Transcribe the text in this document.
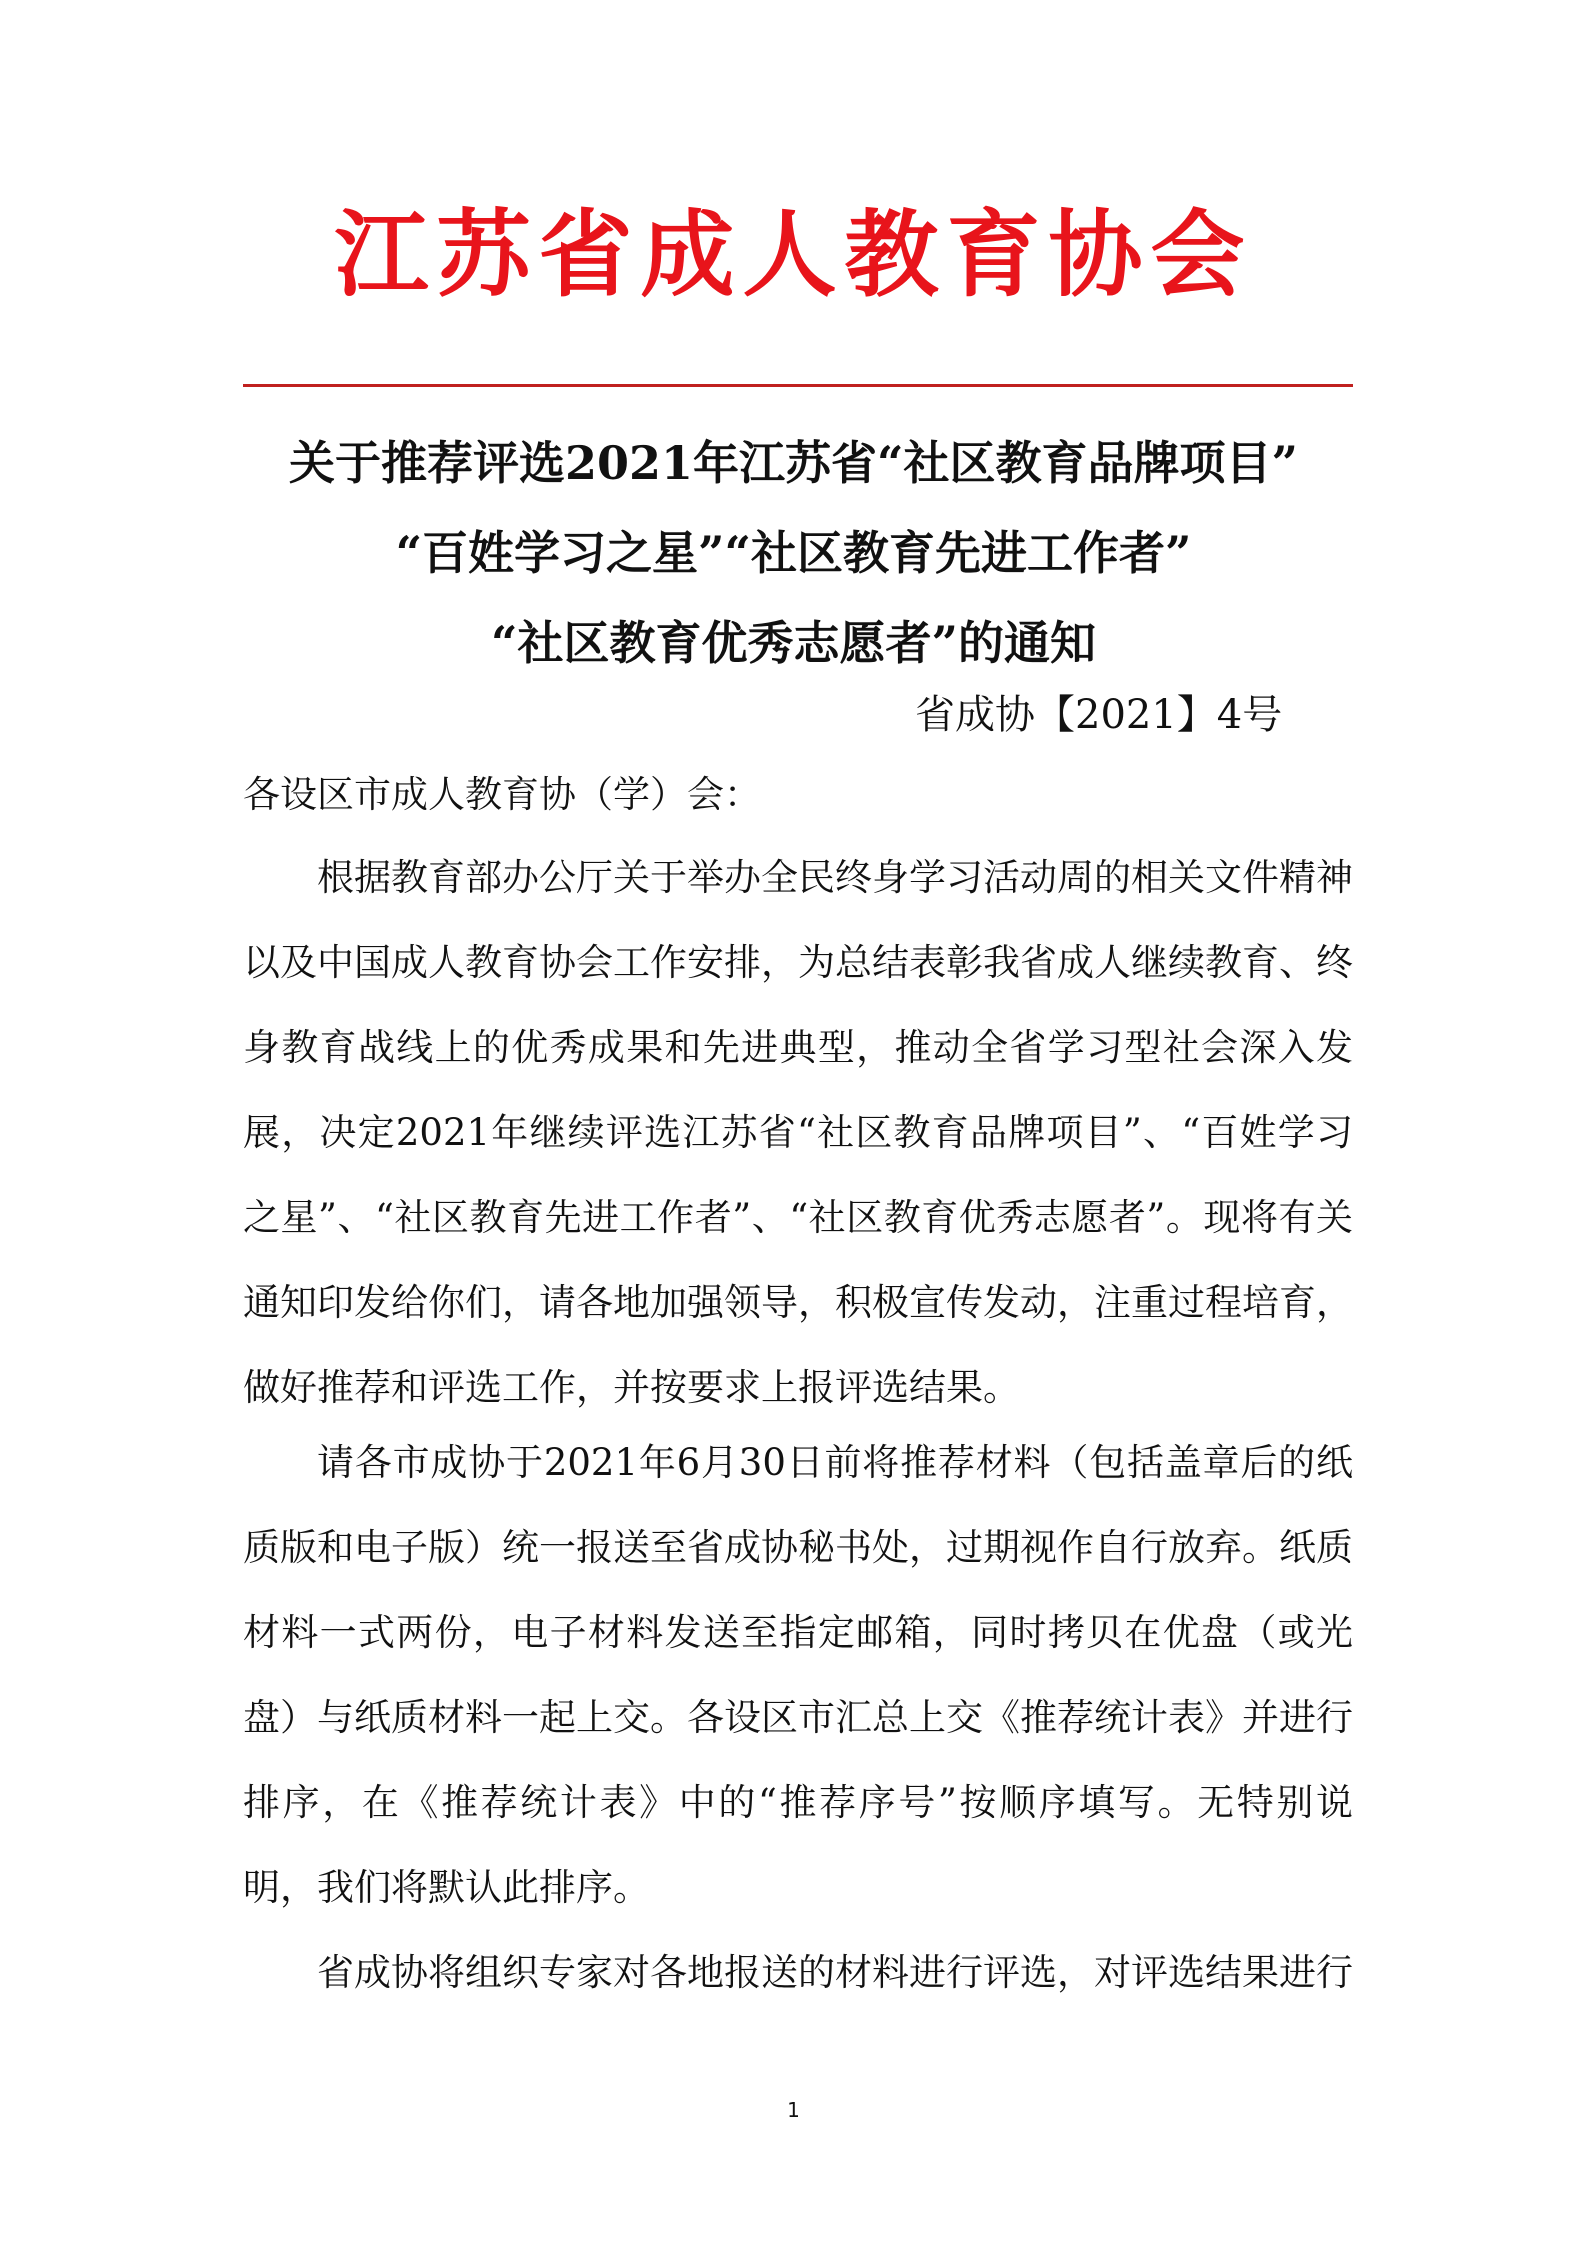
江苏省成人教育协会
关于推荐评选2021年江苏省“社区教育品牌项目”
“百姓学习之星”“社区教育先进工作者”
“社区教育优秀志愿者”的通知
省成协【2021】4号
各设区市成人教育协（学）会：

根据教育部办公厅关于举办全民终身学习活动周的相关文件精神以及中国成人教育协会工作安排，为总结表彰我省成人继续教育、终身教育战线上的优秀成果和先进典型，推动全省学习型社会深入发展，决定2021年继续评选江苏省“社区教育品牌项目”、“百姓学习之星”、“社区教育先进工作者”、“社区教育优秀志愿者”。现将有关通知印发给你们，请各地加强领导，积极宣传发动，注重过程培育，做好推荐和评选工作，并按要求上报评选结果。

请各市成协于2021年6月30日前将推荐材料（包括盖章后的纸质版和电子版）统一报送至省成协秘书处，过期视作自行放弃。纸质材料一式两份，电子材料发送至指定邮箱，同时拷贝在优盘（或光盘）与纸质材料一起上交。各设区市汇总上交《推荐统计表》并进行排序，在《推荐统计表》中的“推荐序号”按顺序填写。无特别说明，我们将默认此排序。

省成协将组织专家对各地报送的材料进行评选，对评选结果进行

1
